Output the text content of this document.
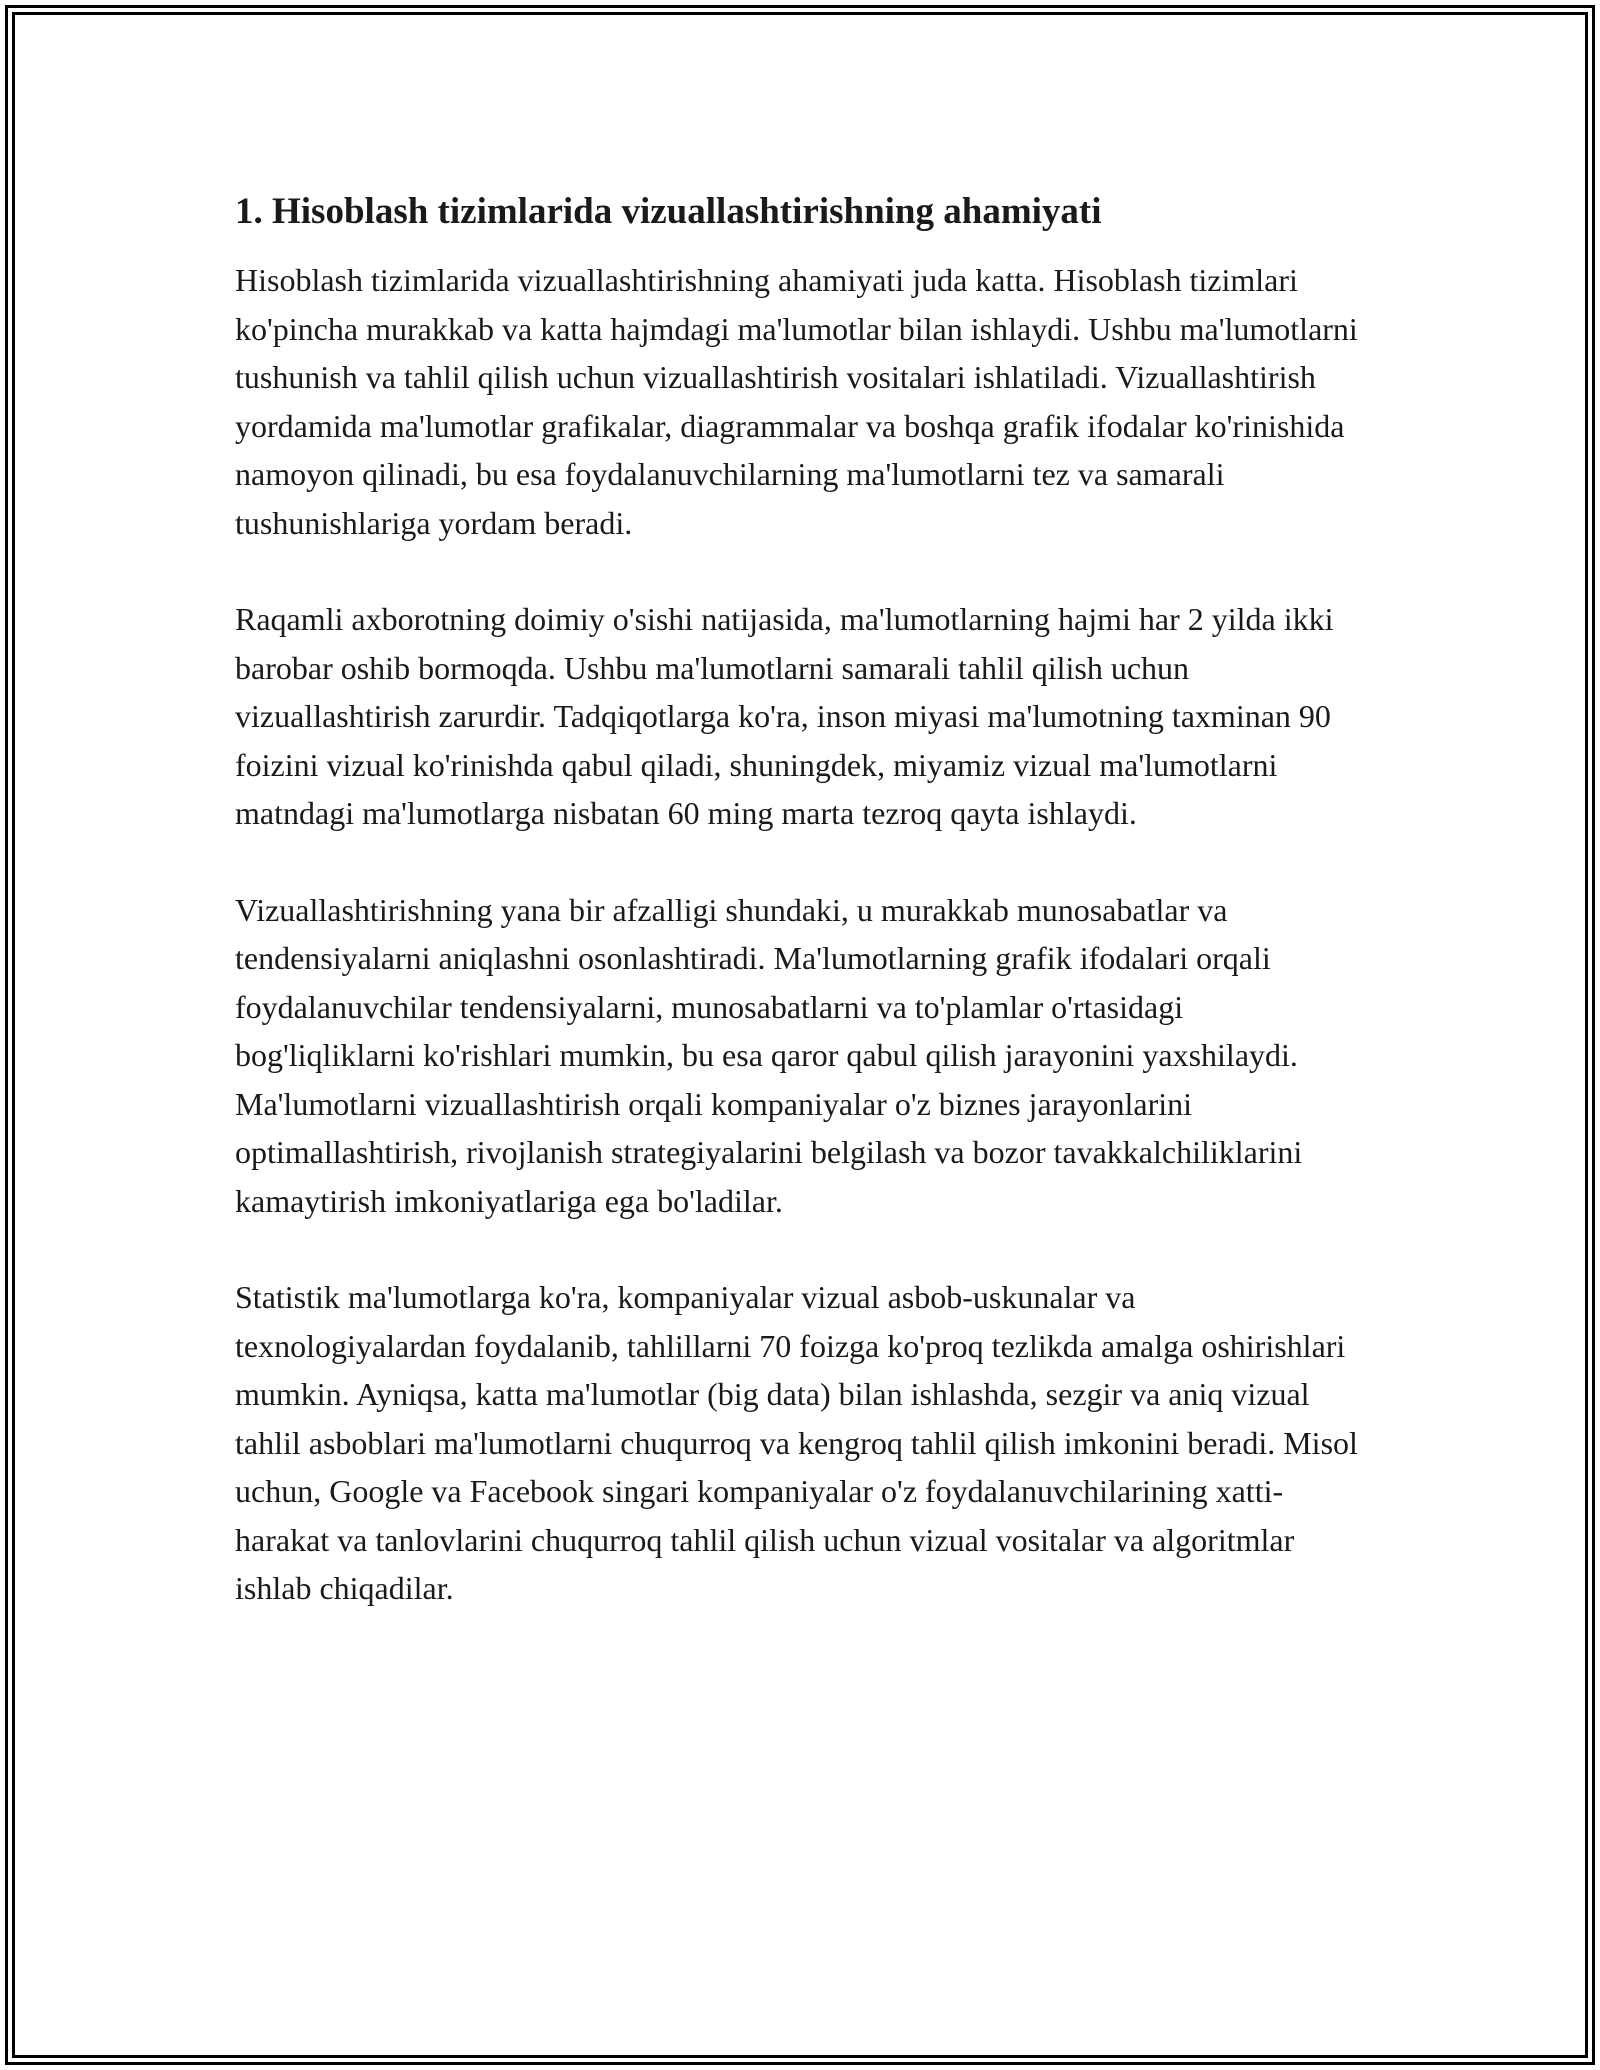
1. Hisoblash tizimlarida vizuallashtirishning ahamiyati

Hisoblash tizimlarida vizuallashtirishning ahamiyati juda katta. Hisoblash tizimlari ko'pincha murakkab va katta hajmdagi ma'lumotlar bilan ishlaydi. Ushbu ma'lumotlarni tushunish va tahlil qilish uchun vizuallashtirish vositalari ishlatiladi. Vizuallashtirish yordamida ma'lumotlar grafikalar, diagrammalar va boshqa grafik ifodalar ko'rinishida namoyon qilinadi, bu esa foydalanuvchilarning ma'lumotlarni tez va samarali tushunishlariga yordam beradi.

Raqamli axborotning doimiy o'sishi natijasida, ma'lumotlarning hajmi har 2 yilda ikki barobar oshib bormoqda. Ushbu ma'lumotlarni samarali tahlil qilish uchun vizuallashtirish zarurdir. Tadqiqotlarga ko'ra, inson miyasi ma'lumotning taxminan 90 foizini vizual ko'rinishda qabul qiladi, shuningdek, miyamiz vizual ma'lumotlarni matndagi ma'lumotlarga nisbatan 60 ming marta tezroq qayta ishlaydi.

Vizuallashtirishning yana bir afzalligi shundaki, u murakkab munosabatlar va tendensiyalarni aniqlashni osonlashtiradi. Ma'lumotlarning grafik ifodalari orqali foydalanuvchilar tendensiyalarni, munosabatlarni va to'plamlar o'rtasidagi bog'liqliklarni ko'rishlari mumkin, bu esa qaror qabul qilish jarayonini yaxshilaydi. Ma'lumotlarni vizuallashtirish orqali kompaniyalar o'z biznes jarayonlarini optimallashtirish, rivojlanish strategiyalarini belgilash va bozor tavakkalchiliklarini kamaytirish imkoniyatlariga ega bo'ladilar.

Statistik ma'lumotlarga ko'ra, kompaniyalar vizual asbob-uskunalar va texnologiyalardan foydalanib, tahlillarni 70 foizga ko'proq tezlikda amalga oshirishlari mumkin. Ayniqsa, katta ma'lumotlar (big data) bilan ishlashda, sezgir va aniq vizual tahlil asboblari ma'lumotlarni chuqurroq va kengroq tahlil qilish imkonini beradi. Misol uchun, Google va Facebook singari kompaniyalar o'z foydalanuvchilarining xatti-harakat va tanlovlarini chuqurroq tahlil qilish uchun vizual vositalar va algoritmlar ishlab chiqadilar.
